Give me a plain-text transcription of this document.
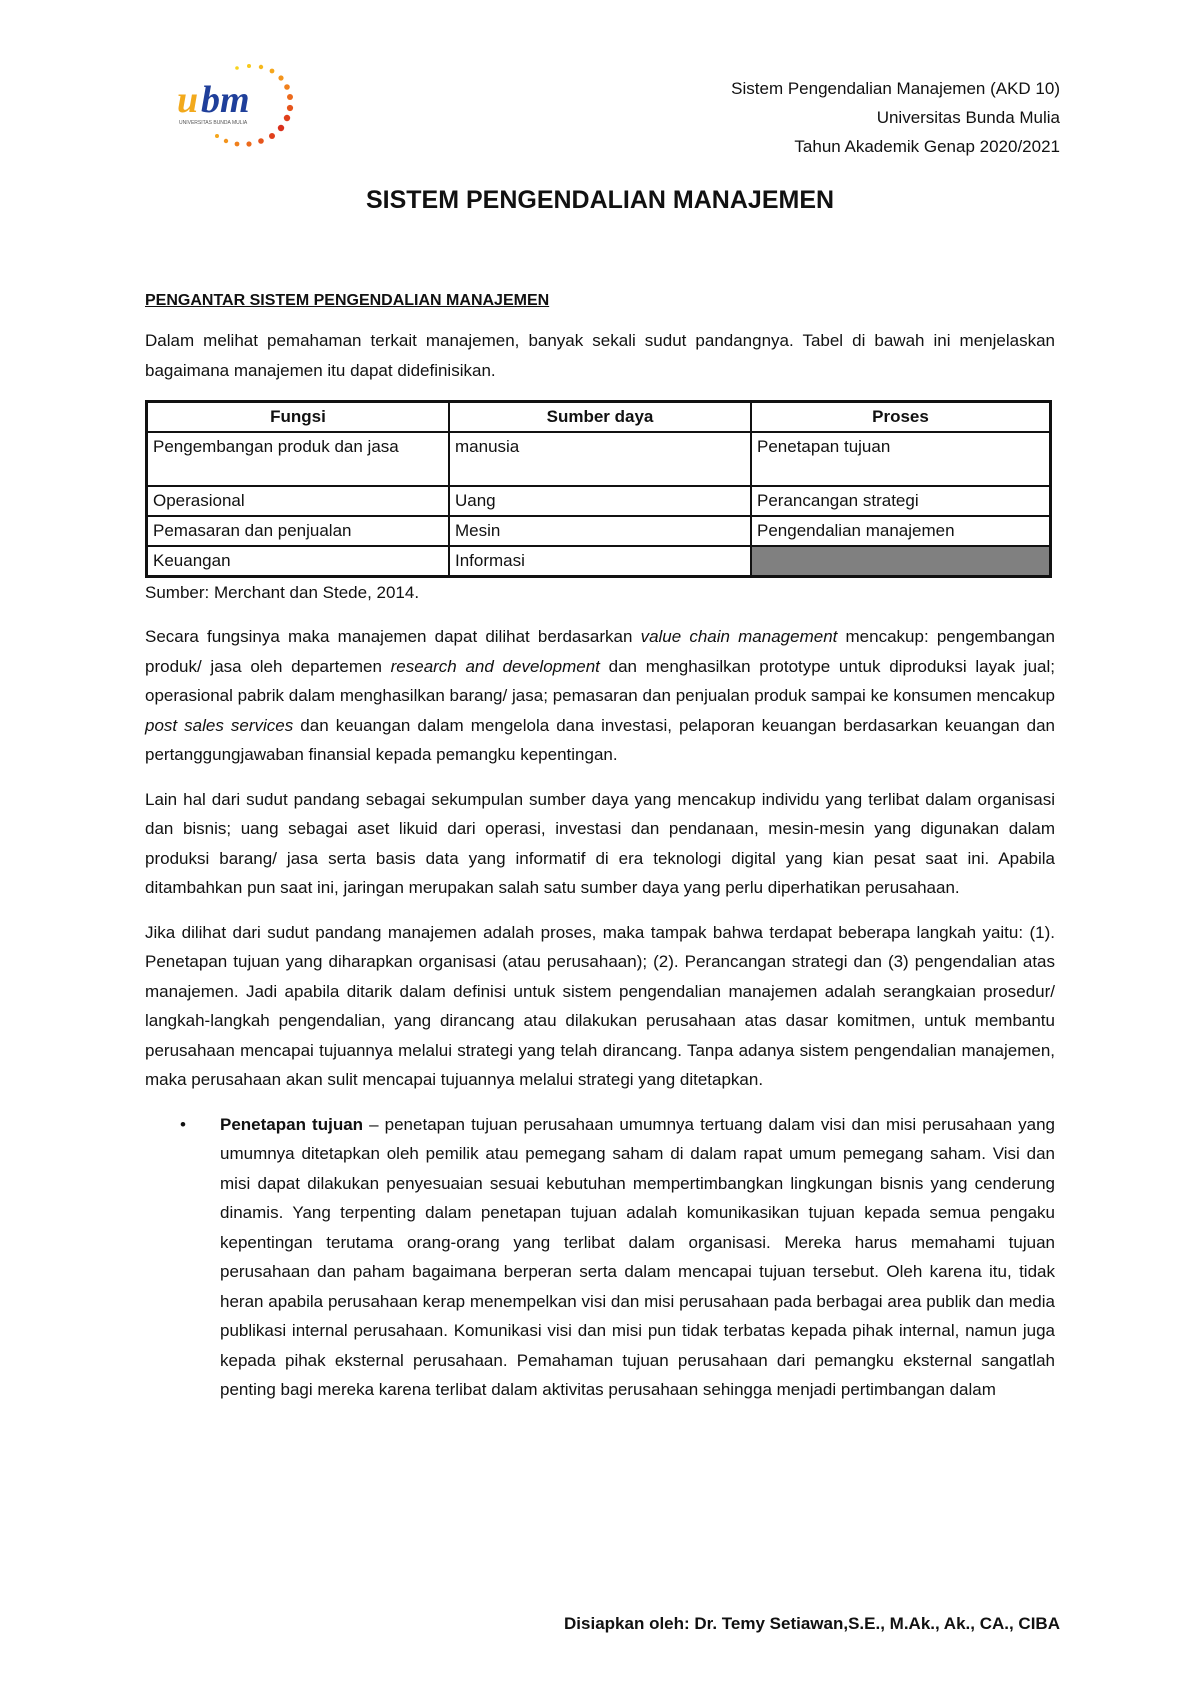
u bm
UNIVERSITAS BUNDA MULIA
Sistem Pengendalian Manajemen (AKD 10)
Universitas Bunda Mulia
Tahun Akademik Genap 2020/2021
SISTEM PENGENDALIAN MANAJEMEN
PENGANTAR SISTEM PENGENDALIAN MANAJEMEN

Dalam melihat pemahaman terkait manajemen, banyak sekali sudut pandangnya. Tabel di bawah ini menjelaskan bagaimana manajemen itu dapat didefinisikan.

Fungsi	Sumber daya	Proses
Pengembangan produk dan jasa	manusia	Penetapan tujuan
Operasional	Uang	Perancangan strategi
Pemasaran dan penjualan	Mesin	Pengendalian manajemen
Keuangan	Informasi	
Sumber: Merchant dan Stede, 2014.

Secara fungsinya maka manajemen dapat dilihat berdasarkan value chain management mencakup: pengembangan produk/ jasa oleh departemen research and development dan menghasilkan prototype untuk diproduksi layak jual; operasional pabrik dalam menghasilkan barang/ jasa; pemasaran dan penjualan produk sampai ke konsumen mencakup post sales services dan keuangan dalam mengelola dana investasi, pelaporan keuangan berdasarkan keuangan dan pertanggungjawaban finansial kepada pemangku kepentingan.

Lain hal dari sudut pandang sebagai sekumpulan sumber daya yang mencakup individu yang terlibat dalam organisasi dan bisnis; uang sebagai aset likuid dari operasi, investasi dan pendanaan, mesin-mesin yang digunakan dalam produksi barang/ jasa serta basis data yang informatif di era teknologi digital yang kian pesat saat ini. Apabila ditambahkan pun saat ini, jaringan merupakan salah satu sumber daya yang perlu diperhatikan perusahaan.

Jika dilihat dari sudut pandang manajemen adalah proses, maka tampak bahwa terdapat beberapa langkah yaitu: (1). Penetapan tujuan yang diharapkan organisasi (atau perusahaan); (2). Perancangan strategi dan (3) pengendalian atas manajemen. Jadi apabila ditarik dalam definisi untuk sistem pengendalian manajemen adalah serangkaian prosedur/ langkah-langkah pengendalian, yang dirancang atau dilakukan perusahaan atas dasar komitmen, untuk membantu perusahaan mencapai tujuannya melalui strategi yang telah dirancang. Tanpa adanya sistem pengendalian manajemen, maka perusahaan akan sulit mencapai tujuannya melalui strategi yang ditetapkan.

• Penetapan tujuan – penetapan tujuan perusahaan umumnya tertuang dalam visi dan misi perusahaan yang umumnya ditetapkan oleh pemilik atau pemegang saham di dalam rapat umum pemegang saham. Visi dan misi dapat dilakukan penyesuaian sesuai kebutuhan mempertimbangkan lingkungan bisnis yang cenderung dinamis. Yang terpenting dalam penetapan tujuan adalah komunikasikan tujuan kepada semua pengaku kepentingan terutama orang-orang yang terlibat dalam organisasi. Mereka harus memahami tujuan perusahaan dan paham bagaimana berperan serta dalam mencapai tujuan tersebut. Oleh karena itu, tidak heran apabila perusahaan kerap menempelkan visi dan misi perusahaan pada berbagai area publik dan media publikasi internal perusahaan. Komunikasi visi dan misi pun tidak terbatas kepada pihak internal, namun juga kepada pihak eksternal perusahaan. Pemahaman tujuan perusahaan dari pemangku eksternal sangatlah penting bagi mereka karena terlibat dalam aktivitas perusahaan sehingga menjadi pertimbangan dalam
Disiapkan oleh: Dr. Temy Setiawan,S.E., M.Ak., Ak., CA., CIBA
